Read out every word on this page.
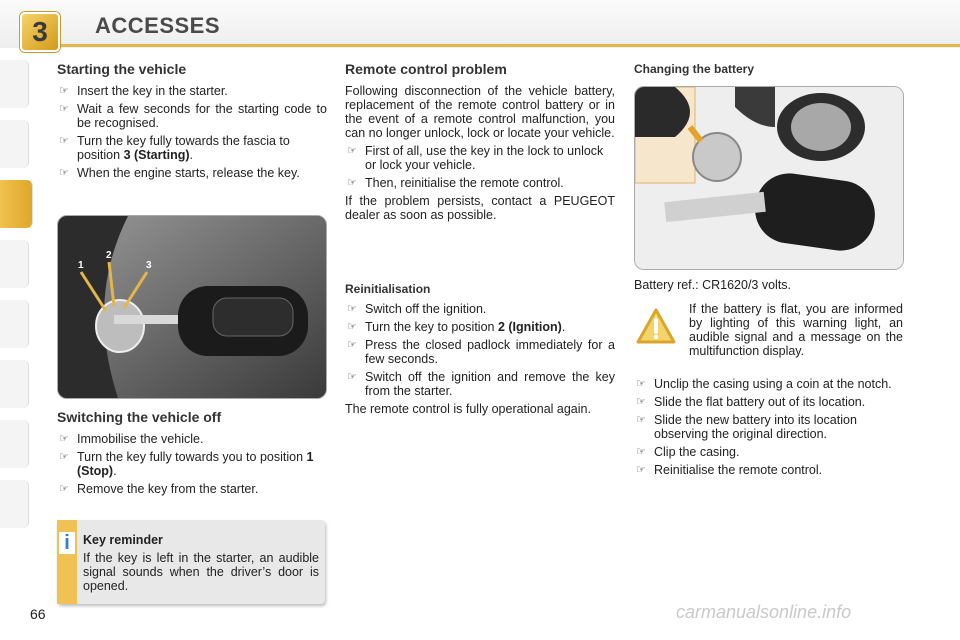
3	ACCESSES
Starting the vehicle
☞ Insert the key in the starter.
☞ Wait a few seconds for the starting code to be recognised.
☞ Turn the key fully towards the fascia to position 3 (Starting).
☞ When the engine starts, release the key.
1
2
3
Switching the vehicle off
☞ Immobilise the vehicle.
☞ Turn the key fully towards you to position 1 (Stop).
☞ Remove the key from the starter.
i	Key reminder
If the key is left in the starter, an audible signal sounds when the driver’s door is opened.
Remote control problem

Following disconnection of the vehicle battery, replacement of the remote control battery or in the event of a remote control malfunction, you can no longer unlock, lock or locate your vehicle.

☞ First of all, use the key in the lock to unlock or lock your vehicle.
☞ Then, reinitialise the remote control.

If the problem persists, contact a PEUGEOT dealer as soon as possible.

Reinitialisation
☞ Switch off the ignition.
☞ Turn the key to position 2 (Ignition).
☞ Press the closed padlock immediately for a few seconds.
☞ Switch off the ignition and remove the key from the starter.

The remote control is fully operational again.

Changing the battery

Battery ref.: CR1620/3 volts.

If the battery is flat, you are informed by lighting of this warning light, an audible signal and a message on the multifunction display.
☞ Unclip the casing using a coin at the notch.
☞ Slide the flat battery out of its location.
☞ Slide the new battery into its location observing the original direction.
☞ Clip the casing.
☞ Reinitialise the remote control.
66	carmanualsonline.info
